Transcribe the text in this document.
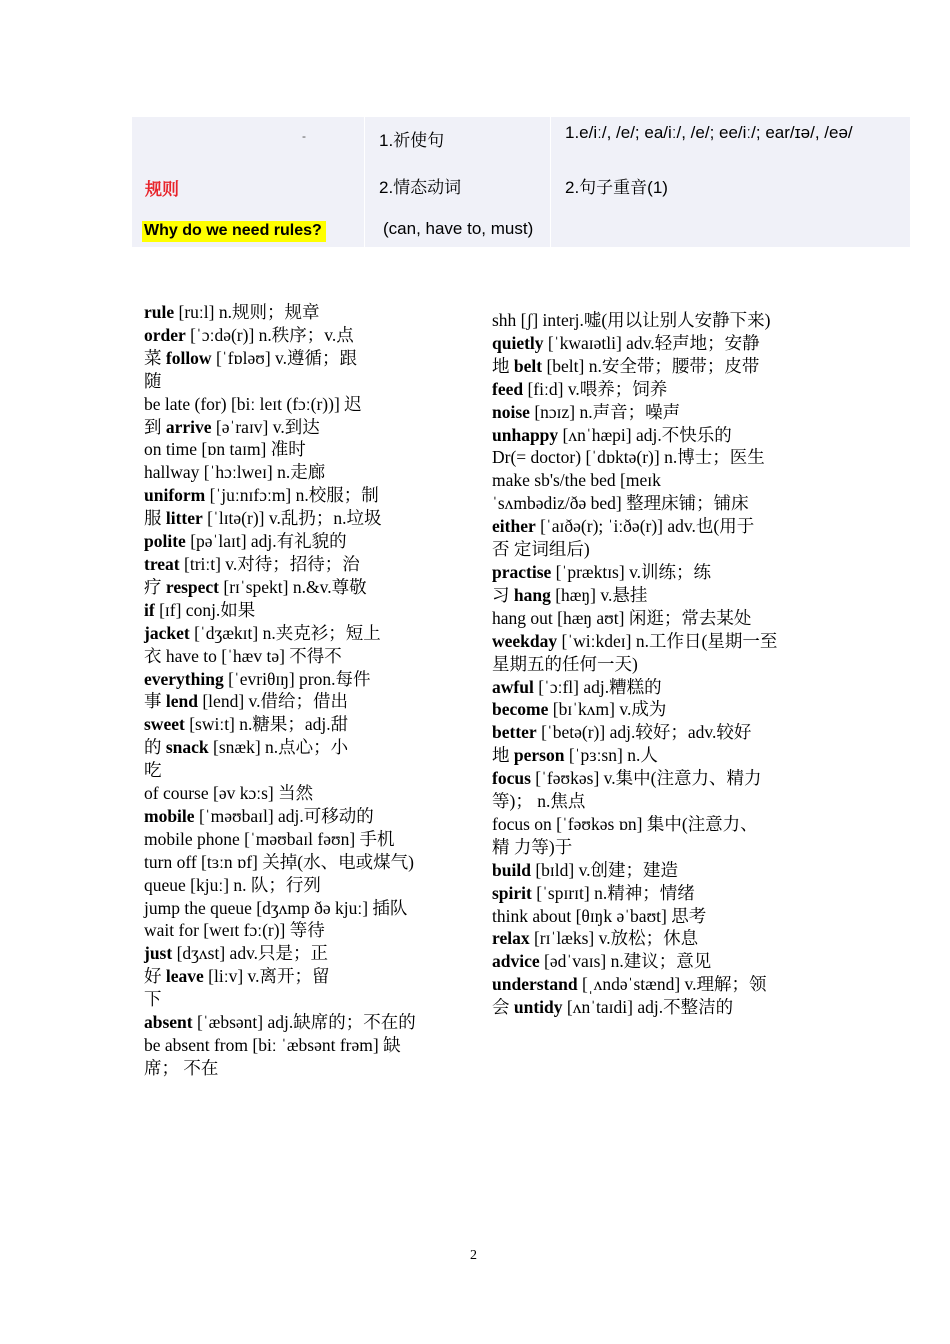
-
规则
Why do we need rules?
1.祈使句
2.情态动词
(can, have to, must)
1.e/iː/, /e/; ea/iː/, /e/; ee/iː/; ear/ɪə/, /eə/
2.句子重音(1)
rule [ruːl] n.规则；规章
order [ˈɔːdə(r)] n.秩序；v.点
菜 follow [ˈfɒləʊ] v.遵循；跟
随
be late (for) [biː leɪt (fɔː(r))] 迟
到 arrive [əˈraɪv] v.到达
on time [ɒn taɪm] 准时
hallway [ˈhɔːlweɪ] n.走廊
uniform [ˈjuːnɪfɔːm] n.校服；制
服 litter [ˈlɪtə(r)] v.乱扔；n.垃圾
polite [pəˈlaɪt] adj.有礼貌的
treat [triːt] v.对待；招待；治
疗 respect [rɪˈspekt] n.&v.尊敬
if [ɪf] conj.如果
jacket [ˈdʒækɪt] n.夹克衫；短上
衣 have to [ˈhæv tə] 不得不
everything [ˈevriθɪŋ] pron.每件
事 lend [lend] v.借给；借出
sweet [swiːt] n.糖果；adj.甜
的 snack [snæk] n.点心；小
吃
of course [əv kɔːs] 当然
mobile [ˈməʊbaɪl] adj.可移动的
mobile phone [ˈməʊbaɪl fəʊn] 手机
turn off [tɜːn ɒf] 关掉(水、电或煤气)
queue [kjuː] n. 队；行列
jump the queue [dʒʌmp ðə kjuː] 插队
wait for [weɪt fɔː(r)] 等待
just [dʒʌst] adv.只是；正
好 leave [liːv] v.离开；留
下
absent [ˈæbsənt] adj.缺席的；不在的
be absent from [biː ˈæbsənt frəm] 缺
席； 不在
shh [ʃ] interj.嘘(用以让别人安静下来)
quietly [ˈkwaɪətli] adv.轻声地；安静
地 belt [belt] n.安全带；腰带；皮带
feed [fiːd] v.喂养；饲养
noise [nɔɪz] n.声音；噪声
unhappy [ʌnˈhæpi] adj.不快乐的
Dr(= doctor) [ˈdɒktə(r)] n.博士；医生
make sb's/the bed [meɪk
ˈsʌmbədiz/ðə bed] 整理床铺；铺床
either [ˈaɪðə(r); ˈiːðə(r)] adv.也(用于
否 定词组后)
practise [ˈpræktɪs] v.训练；练
习 hang [hæŋ] v.悬挂
hang out [hæŋ aʊt] 闲逛；常去某处
weekday [ˈwiːkdeɪ] n.工作日(星期一至
星期五的任何一天)
awful [ˈɔːfl] adj.糟糕的
become [bɪˈkʌm] v.成为
better [ˈbetə(r)] adj.较好；adv.较好
地 person [ˈpɜːsn] n.人
focus [ˈfəʊkəs] v.集中(注意力、精力
等)； n.焦点
focus on [ˈfəʊkəs ɒn] 集中(注意力、
精 力等)于
build [bɪld] v.创建；建造
spirit [ˈspɪrɪt] n.精神；情绪
think about [θɪŋk əˈbaʊt] 思考
relax [rɪˈlæks] v.放松；休息
advice [ədˈvaɪs] n.建议；意见
understand [ˌʌndəˈstænd] v.理解；领
会 untidy [ʌnˈtaɪdi] adj.不整洁的
2
